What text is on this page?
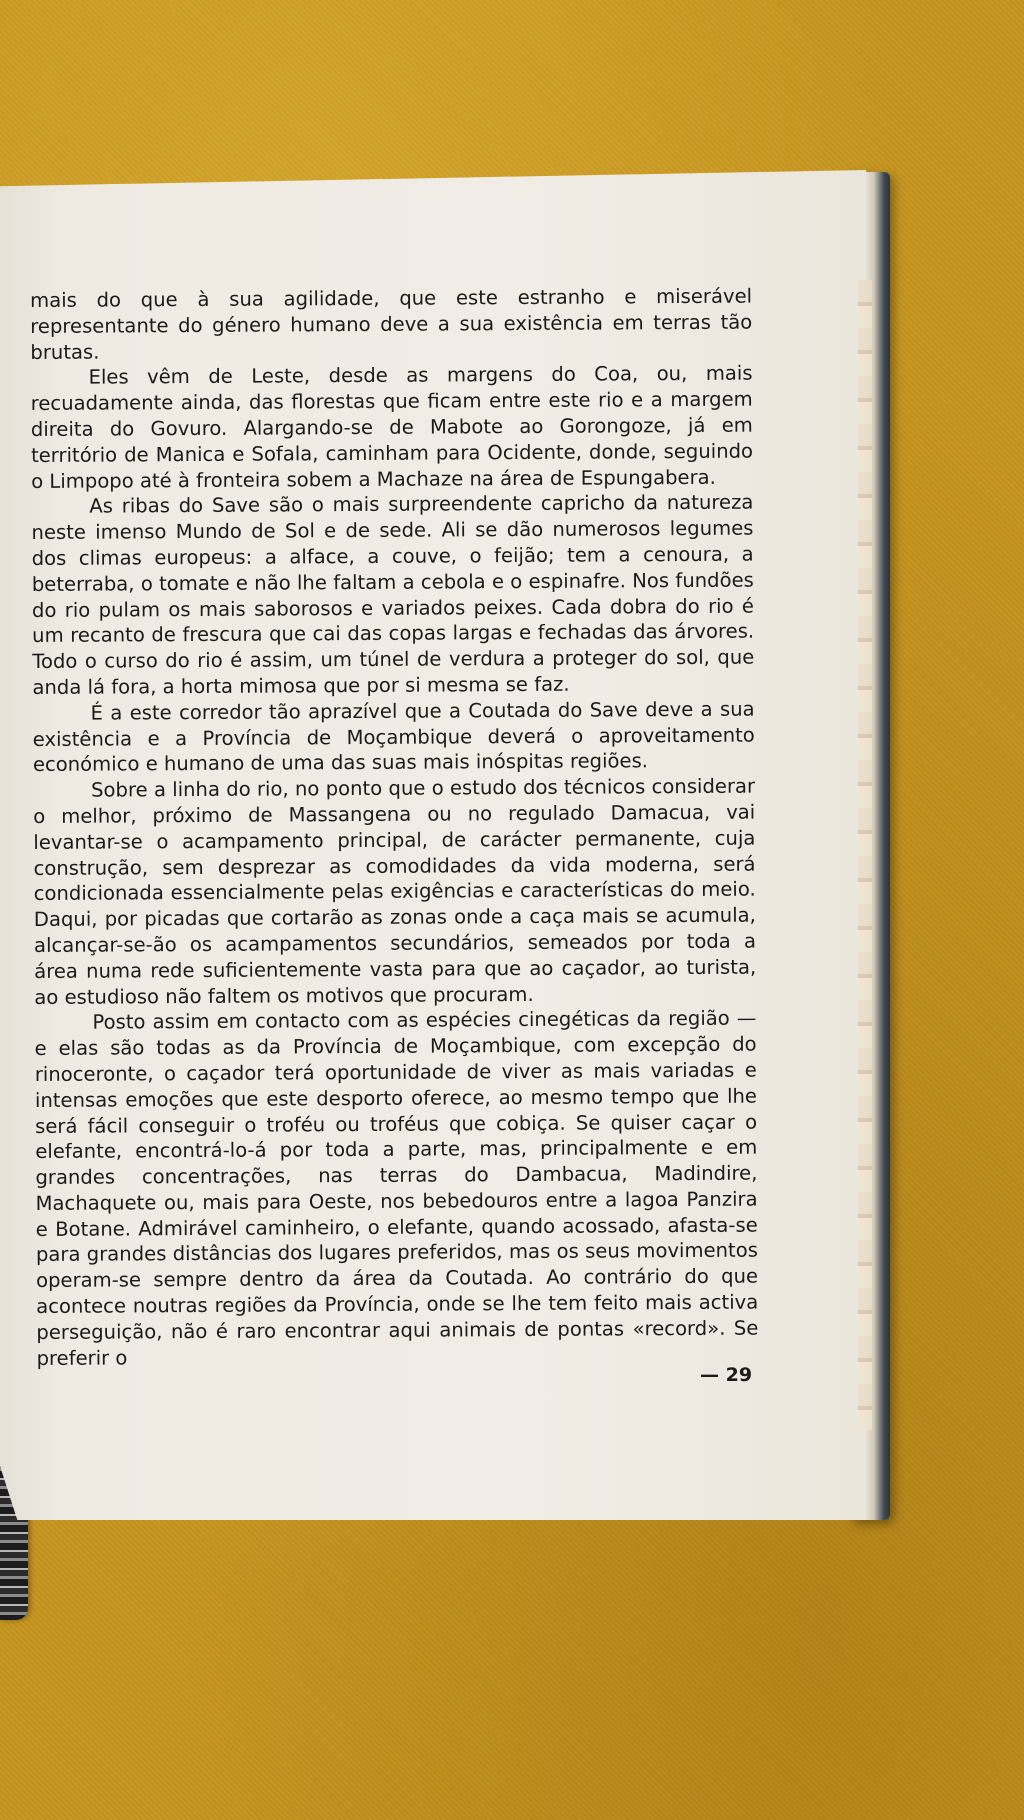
mais do que à sua agilidade, que este estranho e miserável representante do género humano deve a sua existência em terras tão brutas.

Eles vêm de Leste, desde as margens do Coa, ou, mais recuadamente ainda, das florestas que ficam entre este rio e a margem direita do Govuro. Alargando-se de Mabote ao Gorongoze, já em território de Manica e Sofala, caminham para Ocidente, donde, seguindo o Limpopo até à fronteira sobem a Machaze na área de Espungabera.

As ribas do Save são o mais surpreendente capricho da natureza neste imenso Mundo de Sol e de sede. Ali se dão numerosos legumes dos climas europeus: a alface, a couve, o feijão; tem a cenoura, a beterraba, o tomate e não lhe faltam a cebola e o espinafre. Nos fundões do rio pulam os mais saborosos e variados peixes. Cada dobra do rio é um recanto de frescura que cai das copas largas e fechadas das árvores. Todo o curso do rio é assim, um túnel de verdura a proteger do sol, que anda lá fora, a horta mimosa que por si mesma se faz.

É a este corredor tão aprazível que a Coutada do Save deve a sua existência e a Província de Moçambique deverá o aproveitamento económico e humano de uma das suas mais inóspitas regiões.

Sobre a linha do rio, no ponto que o estudo dos técnicos considerar o melhor, próximo de Massangena ou no regulado Damacua, vai levantar-se o acampamento principal, de carácter permanente, cuja construção, sem desprezar as comodidades da vida moderna, será condicionada essencialmente pelas exigências e características do meio. Daqui, por picadas que cortarão as zonas onde a caça mais se acumula, alcançar-se-ão os acampamentos secundários, semeados por toda a área numa rede suficientemente vasta para que ao caçador, ao turista, ao estudioso não faltem os motivos que procuram.

Posto assim em contacto com as espécies cinegéticas da região — e elas são todas as da Província de Moçambique, com excepção do rinoceronte, o caçador terá oportunidade de viver as mais variadas e intensas emoções que este desporto oferece, ao mesmo tempo que lhe será fácil conseguir o troféu ou troféus que cobiça. Se quiser caçar o elefante, encontrá-lo-á por toda a parte, mas, principalmente e em grandes concentrações, nas terras do Dambacua, Madindire, Machaquete ou, mais para Oeste, nos bebedouros entre a lagoa Panzira e Botane. Admirável caminheiro, o elefante, quando acossado, afasta-se para grandes distâncias dos lugares preferidos, mas os seus movimentos operam-se sempre dentro da área da Coutada. Ao contrário do que acontece noutras regiões da Província, onde se lhe tem feito mais activa perseguição, não é raro encontrar aqui animais de pontas «record». Se preferir o

— 29
